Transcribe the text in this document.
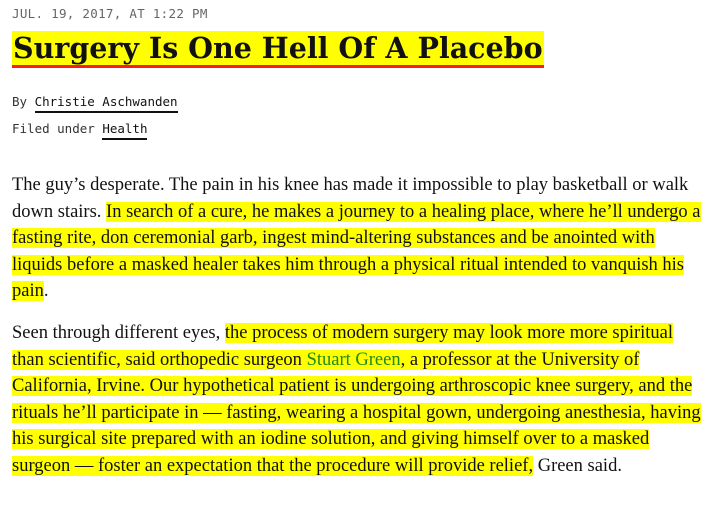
JUL. 19, 2017, AT 1:22 PM
Surgery Is One Hell Of A Placebo
By Christie Aschwanden
Filed under Health

The guy’s desperate. The pain in his knee has made it impossible to play basketball or walk down stairs. In search of a cure, he makes a journey to a healing place, where he’ll undergo a fasting rite, don ceremonial garb, ingest mind-altering substances and be anointed with liquids before a masked healer takes him through a physical ritual intended to vanquish his pain.

Seen through different eyes, the process of modern surgery may look more more spiritual than scientific, said orthopedic surgeon Stuart Green, a professor at the University of California, Irvine. Our hypothetical patient is undergoing arthroscopic knee surgery, and the rituals he’ll participate in — fasting, wearing a hospital gown, undergoing anesthesia, having his surgical site prepared with an iodine solution, and giving himself over to a masked surgeon — foster an expectation that the procedure will provide relief, Green said.
